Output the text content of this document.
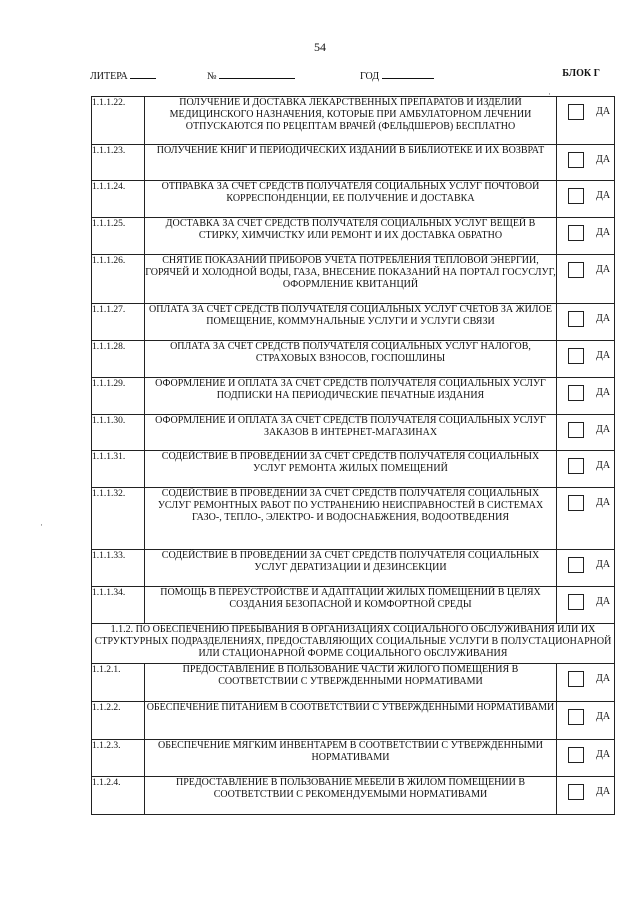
54
ЛИТЕРА	№	ГОД	БЛОК Г
1.1.1.22.	ПОЛУЧЕНИЕ И ДОСТАВКА ЛЕКАРСТВЕННЫХ ПРЕПАРАТОВ И ИЗДЕЛИЙ МЕДИЦИНСКОГО НАЗНАЧЕНИЯ, КОТОРЫЕ ПРИ АМБУЛАТОРНОМ ЛЕЧЕНИИ ОТПУСКАЮТСЯ ПО РЕЦЕПТАМ ВРАЧЕЙ (ФЕЛЬДШЕРОВ) БЕСПЛАТНО	ДА

1.1.1.23.	ПОЛУЧЕНИЕ КНИГ И ПЕРИОДИЧЕСКИХ ИЗДАНИЙ В БИБЛИОТЕКЕ И ИХ ВОЗВРАТ	ДА

1.1.1.24.	ОТПРАВКА ЗА СЧЕТ СРЕДСТВ ПОЛУЧАТЕЛЯ СОЦИАЛЬНЫХ УСЛУГ ПОЧТОВОЙ КОРРЕСПОНДЕНЦИИ, ЕЕ ПОЛУЧЕНИЕ И ДОСТАВКА	ДА

1.1.1.25.	ДОСТАВКА ЗА СЧЕТ СРЕДСТВ ПОЛУЧАТЕЛЯ СОЦИАЛЬНЫХ УСЛУГ ВЕЩЕЙ В СТИРКУ, ХИМЧИСТКУ ИЛИ РЕМОНТ И ИХ ДОСТАВКА ОБРАТНО	ДА

1.1.1.26.	СНЯТИЕ ПОКАЗАНИЙ ПРИБОРОВ УЧЕТА ПОТРЕБЛЕНИЯ ТЕПЛОВОЙ ЭНЕРГИИ, ГОРЯЧЕЙ И ХОЛОДНОЙ ВОДЫ, ГАЗА, ВНЕСЕНИЕ ПОКАЗАНИЙ НА ПОРТАЛ ГОСУСЛУГ, ОФОРМЛЕНИЕ КВИТАНЦИЙ	ДА

1.1.1.27.	ОПЛАТА ЗА СЧЕТ СРЕДСТВ ПОЛУЧАТЕЛЯ СОЦИАЛЬНЫХ УСЛУГ СЧЕТОВ ЗА ЖИЛОЕ ПОМЕЩЕНИЕ, КОММУНАЛЬНЫЕ УСЛУГИ И УСЛУГИ СВЯЗИ	ДА

1.1.1.28.	ОПЛАТА ЗА СЧЕТ СРЕДСТВ ПОЛУЧАТЕЛЯ СОЦИАЛЬНЫХ УСЛУГ НАЛОГОВ, СТРАХОВЫХ ВЗНОСОВ, ГОСПОШЛИНЫ	ДА

1.1.1.29.	ОФОРМЛЕНИЕ И ОПЛАТА ЗА СЧЕТ СРЕДСТВ ПОЛУЧАТЕЛЯ СОЦИАЛЬНЫХ УСЛУГ ПОДПИСКИ НА ПЕРИОДИЧЕСКИЕ ПЕЧАТНЫЕ ИЗДАНИЯ	ДА

1.1.1.30.	ОФОРМЛЕНИЕ И ОПЛАТА ЗА СЧЕТ СРЕДСТВ ПОЛУЧАТЕЛЯ СОЦИАЛЬНЫХ УСЛУГ ЗАКАЗОВ В ИНТЕРНЕТ-МАГАЗИНАХ	ДА

1.1.1.31.	СОДЕЙСТВИЕ В ПРОВЕДЕНИИ ЗА СЧЕТ СРЕДСТВ ПОЛУЧАТЕЛЯ СОЦИАЛЬНЫХ УСЛУГ РЕМОНТА ЖИЛЫХ ПОМЕЩЕНИЙ	ДА

1.1.1.32.	СОДЕЙСТВИЕ В ПРОВЕДЕНИИ ЗА СЧЕТ СРЕДСТВ ПОЛУЧАТЕЛЯ СОЦИАЛЬНЫХ УСЛУГ РЕМОНТНЫХ РАБОТ ПО УСТРАНЕНИЮ НЕИСПРАВНОСТЕЙ В СИСТЕМАХ ГАЗО-, ТЕПЛО-, ЭЛЕКТРО- И ВОДОСНАБЖЕНИЯ, ВОДООТВЕДЕНИЯ	ДА

1.1.1.33.	СОДЕЙСТВИЕ В ПРОВЕДЕНИИ ЗА СЧЕТ СРЕДСТВ ПОЛУЧАТЕЛЯ СОЦИАЛЬНЫХ УСЛУГ ДЕРАТИЗАЦИИ И ДЕЗИНСЕКЦИИ	ДА

1.1.1.34.	ПОМОЩЬ В ПЕРЕУСТРОЙСТВЕ И АДАПТАЦИИ ЖИЛЫХ ПОМЕЩЕНИЙ В ЦЕЛЯХ СОЗДАНИЯ БЕЗОПАСНОЙ И КОМФОРТНОЙ СРЕДЫ	ДА

1.1.2. ПО ОБЕСПЕЧЕНИЮ ПРЕБЫВАНИЯ В ОРГАНИЗАЦИЯХ СОЦИАЛЬНОГО ОБСЛУЖИВАНИЯ ИЛИ ИХ СТРУКТУРНЫХ ПОДРАЗДЕЛЕНИЯХ, ПРЕДОСТАВЛЯЮЩИХ СОЦИАЛЬНЫЕ УСЛУГИ В ПОЛУСТАЦИОНАРНОЙ ИЛИ СТАЦИОНАРНОЙ ФОРМЕ СОЦИАЛЬНОГО ОБСЛУЖИВАНИЯ		
1.1.2.1.	ПРЕДОСТАВЛЕНИЕ В ПОЛЬЗОВАНИЕ ЧАСТИ ЖИЛОГО ПОМЕЩЕНИЯ В СООТВЕТСТВИИ С УТВЕРЖДЕННЫМИ НОРМАТИВАМИ	ДА

1.1.2.2.	ОБЕСПЕЧЕНИЕ ПИТАНИЕМ В СООТВЕТСТВИИ С УТВЕРЖДЕННЫМИ НОРМАТИВАМИ	ДА

1.1.2.3.	ОБЕСПЕЧЕНИЕ МЯГКИМ ИНВЕНТАРЕМ В СООТВЕТСТВИИ С УТВЕРЖДЕННЫМИ НОРМАТИВАМИ	ДА

1.1.2.4.	ПРЕДОСТАВЛЕНИЕ В ПОЛЬЗОВАНИЕ МЕБЕЛИ В ЖИЛОМ ПОМЕЩЕНИИ В СООТВЕТСТВИИ С РЕКОМЕНДУЕМЫМИ НОРМАТИВАМИ	ДА
·
·
